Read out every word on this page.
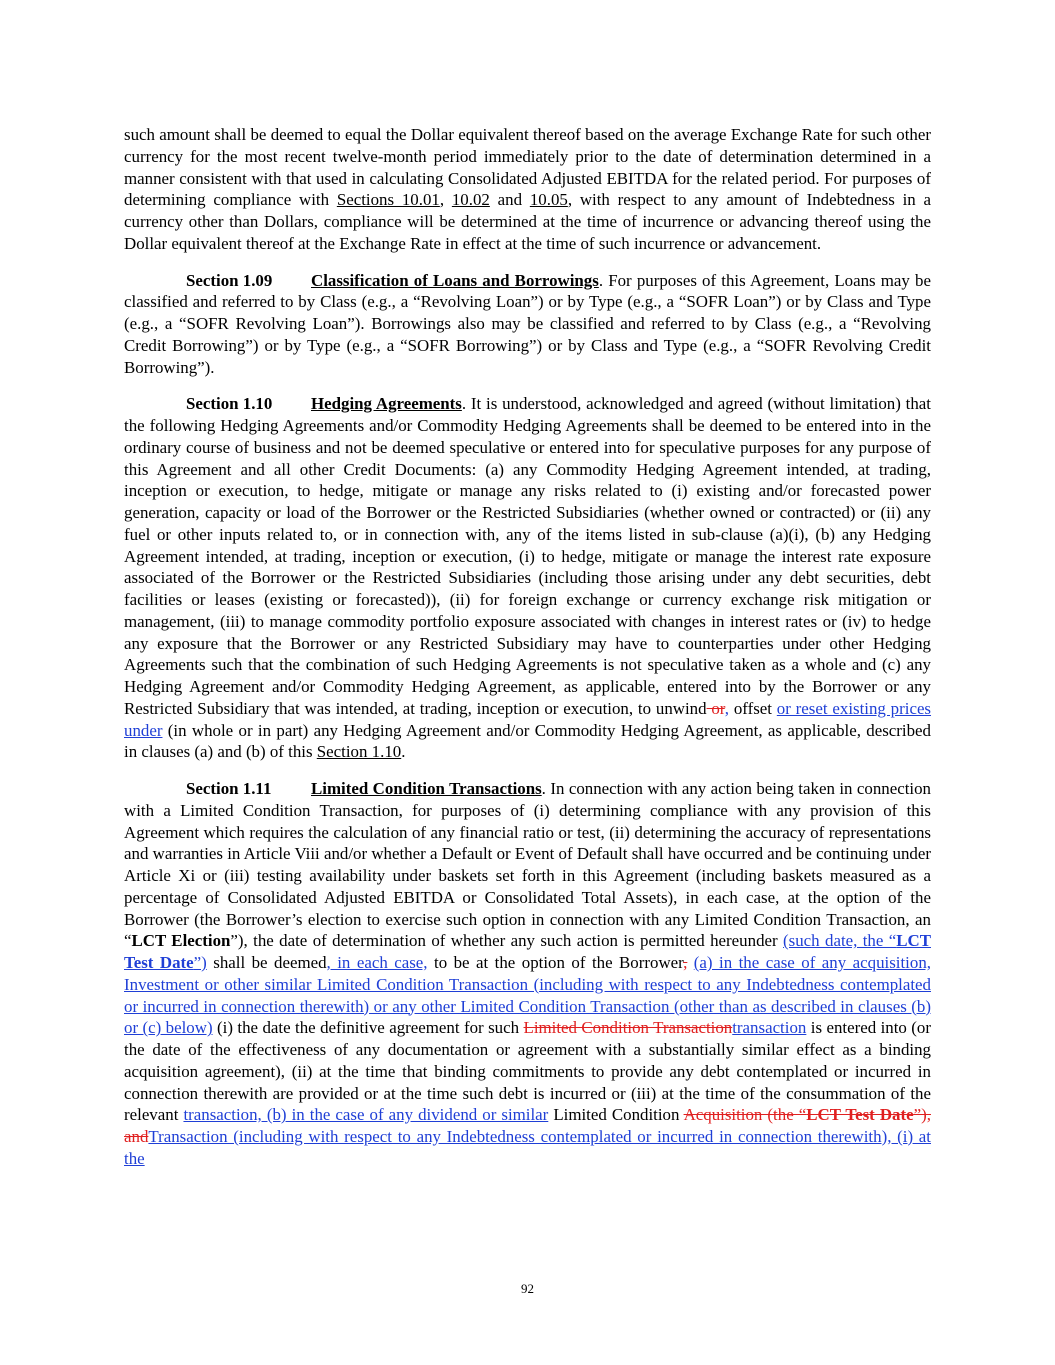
such amount shall be deemed to equal the Dollar equivalent thereof based on the average Exchange Rate for such other currency for the most recent twelve-month period immediately prior to the date of determination determined in a manner consistent with that used in calculating Consolidated Adjusted EBITDA for the related period. For purposes of determining compliance with Sections 10.01, 10.02 and 10.05, with respect to any amount of Indebtedness in a currency other than Dollars, compliance will be determined at the time of incurrence or advancing thereof using the Dollar equivalent thereof at the Exchange Rate in effect at the time of such incurrence or advancement.

Section 1.09 Classification of Loans and Borrowings. For purposes of this Agreement, Loans may be classified and referred to by Class (e.g., a “Revolving Loan”) or by Type (e.g., a “SOFR Loan”) or by Class and Type (e.g., a “SOFR Revolving Loan”). Borrowings also may be classified and referred to by Class (e.g., a “Revolving Credit Borrowing”) or by Type (e.g., a “SOFR Borrowing”) or by Class and Type (e.g., a “SOFR Revolving Credit Borrowing”).

Section 1.10 Hedging Agreements. It is understood, acknowledged and agreed (without limitation) that the following Hedging Agreements and/or Commodity Hedging Agreements shall be deemed to be entered into in the ordinary course of business and not be deemed speculative or entered into for speculative purposes for any purpose of this Agreement and all other Credit Documents: (a) any Commodity Hedging Agreement intended, at trading, inception or execution, to hedge, mitigate or manage any risks related to (i) existing and/or forecasted power generation, capacity or load of the Borrower or the Restricted Subsidiaries (whether owned or contracted) or (ii) any fuel or other inputs related to, or in connection with, any of the items listed in sub-clause (a)(i), (b) any Hedging Agreement intended, at trading, inception or execution, (i) to hedge, mitigate or manage the interest rate exposure associated of the Borrower or the Restricted Subsidiaries (including those arising under any debt securities, debt facilities or leases (existing or forecasted)), (ii) for foreign exchange or currency exchange risk mitigation or management, (iii) to manage commodity portfolio exposure associated with changes in interest rates or (iv) to hedge any exposure that the Borrower or any Restricted Subsidiary may have to counterparties under other Hedging Agreements such that the combination of such Hedging Agreements is not speculative taken as a whole and (c) any Hedging Agreement and/or Commodity Hedging Agreement, as applicable, entered into by the Borrower or any Restricted Subsidiary that was intended, at trading, inception or execution, to unwind or, offset or reset existing prices under (in whole or in part) any Hedging Agreement and/or Commodity Hedging Agreement, as applicable, described in clauses (a) and (b) of this Section 1.10.

Section 1.11 Limited Condition Transactions. In connection with any action being taken in connection with a Limited Condition Transaction, for purposes of (i) determining compliance with any provision of this Agreement which requires the calculation of any financial ratio or test, (ii) determining the accuracy of representations and warranties in Article Viii and/or whether a Default or Event of Default shall have occurred and be continuing under Article Xi or (iii) testing availability under baskets set forth in this Agreement (including baskets measured as a percentage of Consolidated Adjusted EBITDA or Consolidated Total Assets), in each case, at the option of the Borrower (the Borrower’s election to exercise such option in connection with any Limited Condition Transaction, an “LCT Election”), the date of determination of whether any such action is permitted hereunder (such date, the “LCT Test Date”) shall be deemed, in each case, to be at the option of the Borrower, (a) in the case of any acquisition, Investment or other similar Limited Condition Transaction (including with respect to any Indebtedness contemplated or incurred in connection therewith) or any other Limited Condition Transaction (other than as described in clauses (b) or (c) below) (i) the date the definitive agreement for such Limited Condition Transactiontransaction is entered into (or the date of the effectiveness of any documentation or agreement with a substantially similar effect as a binding acquisition agreement), (ii) at the time that binding commitments to provide any debt contemplated or incurred in connection therewith are provided or at the time such debt is incurred or (iii) at the time of the consummation of the relevant transaction, (b) in the case of any dividend or similar Limited Condition Acquisition (the “LCT Test Date”), andTransaction (including with respect to any Indebtedness contemplated or incurred in connection therewith), (i) at the

92
